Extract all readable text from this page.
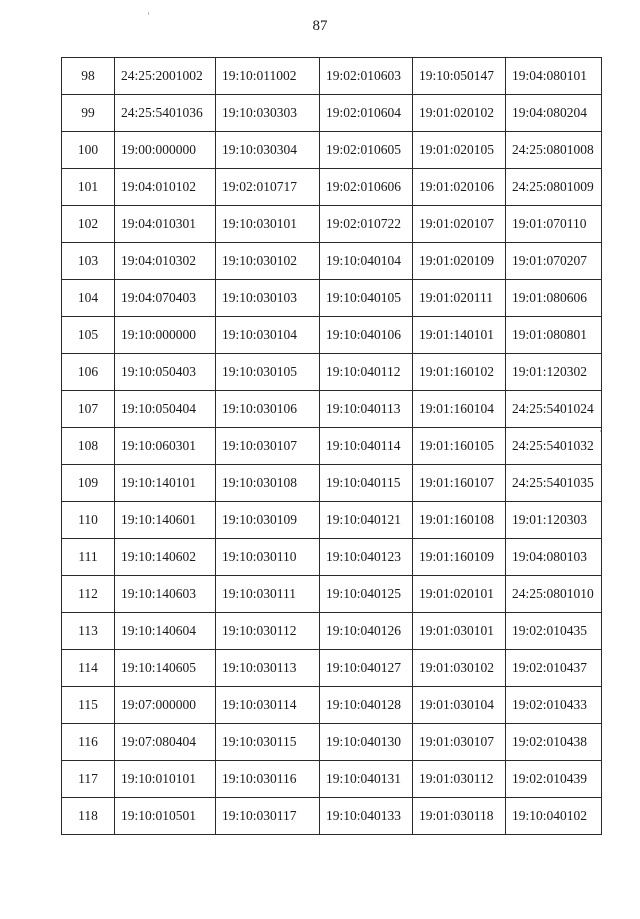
87
98	24:25:2001002	19:10:011002	19:02:010603	19:10:050147	19:04:080101
99	24:25:5401036	19:10:030303	19:02:010604	19:01:020102	19:04:080204
100	19:00:000000	19:10:030304	19:02:010605	19:01:020105	24:25:0801008
101	19:04:010102	19:02:010717	19:02:010606	19:01:020106	24:25:0801009
102	19:04:010301	19:10:030101	19:02:010722	19:01:020107	19:01:070110
103	19:04:010302	19:10:030102	19:10:040104	19:01:020109	19:01:070207
104	19:04:070403	19:10:030103	19:10:040105	19:01:020111	19:01:080606
105	19:10:000000	19:10:030104	19:10:040106	19:01:140101	19:01:080801
106	19:10:050403	19:10:030105	19:10:040112	19:01:160102	19:01:120302
107	19:10:050404	19:10:030106	19:10:040113	19:01:160104	24:25:5401024
108	19:10:060301	19:10:030107	19:10:040114	19:01:160105	24:25:5401032
109	19:10:140101	19:10:030108	19:10:040115	19:01:160107	24:25:5401035
110	19:10:140601	19:10:030109	19:10:040121	19:01:160108	19:01:120303
111	19:10:140602	19:10:030110	19:10:040123	19:01:160109	19:04:080103
112	19:10:140603	19:10:030111	19:10:040125	19:01:020101	24:25:0801010
113	19:10:140604	19:10:030112	19:10:040126	19:01:030101	19:02:010435
114	19:10:140605	19:10:030113	19:10:040127	19:01:030102	19:02:010437
115	19:07:000000	19:10:030114	19:10:040128	19:01:030104	19:02:010433
116	19:07:080404	19:10:030115	19:10:040130	19:01:030107	19:02:010438
117	19:10:010101	19:10:030116	19:10:040131	19:01:030112	19:02:010439
118	19:10:010501	19:10:030117	19:10:040133	19:01:030118	19:10:040102
